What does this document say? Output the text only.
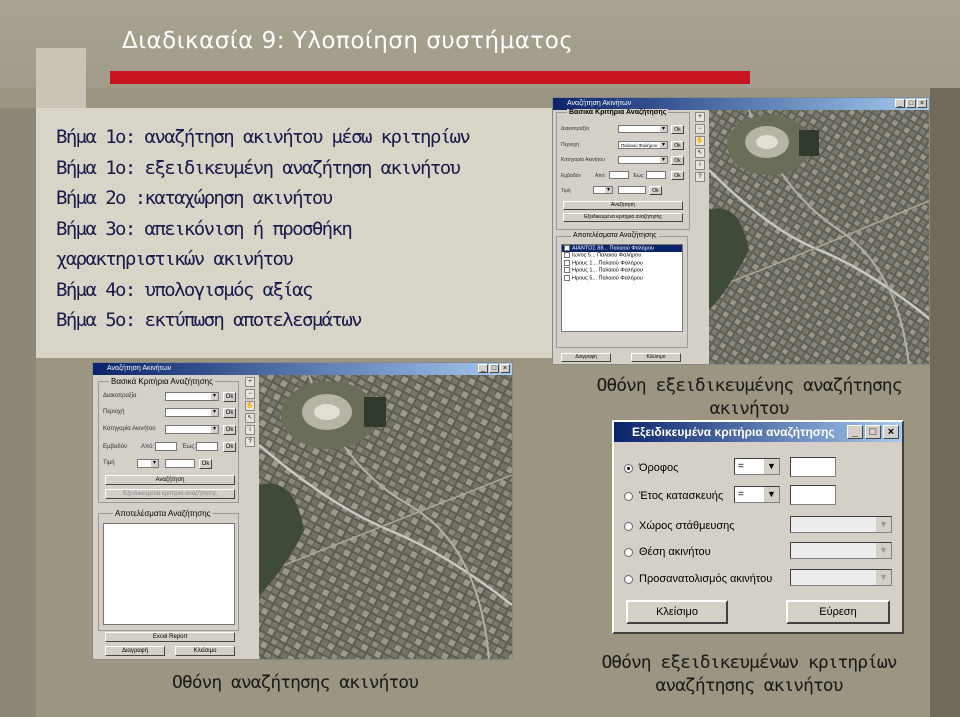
Διαδικασία 9: Υλοποίηση συστήματος
Βήμα 1ο: αναζήτηση ακινήτου μέσω κριτηρίων
Βήμα 1ο: εξειδικευμένη αναζήτηση ακινήτου
Βήμα 2ο :καταχώρηση ακινήτου
Βήμα 3ο: απεικόνιση ή προσθήκη
χαρακτηριστικών ακινήτου
Βήμα 4ο: υπολογισμός αξίας
Βήμα 5ο: εκτύπωση αποτελεσμάτων
Αναζήτηση Ακινήτων	_ □ ×
Βασικά Κριτήρια Αναζήτησης
Διακοπραξία ▾	Ok
Περιοχή	Παλαιού Φαλήρου ▾	Ok
Κατηγορία Ακινήτου ▾	Ok
Εμβαδόν	Από:	Έως:	Ok
Τιμή ▾	Ok
Αναζήτηση
Εξειδικευμένα κριτήρια αναζήτησης
Αποτελέσματα Αναζήτησης
ΑΙΑΝΤΟΣ 88... Παλαιού Φαλήρου
Ιωνος 5... Παλαιού Φαλήρου
Ηρους 1... Παλαιού Φαλήρου
Ηρους 1... Παλαιού Φαλήρου
Ηρους 5... Παλαιού Φαλήρου
Διαγραφή	Κλείσιμο
+
−
✋
↖
i
?
Οθόνη εξειδικευμένης αναζήτησης ακινήτου
Αναζήτηση Ακινήτων	_ □ ×
Βασικά Κριτήρια Αναζήτησης
Διακοπραξία ▾	Ok
Περιοχή ▾	Ok
Κατηγορία Ακινήτου ▾	Ok
Εμβαδόν Από:	Έως:	Ok
Τιμή ▾	Ok
Αναζήτηση
Εξειδικευμένα κριτήρια αναζήτησης
Αποτελέσματα Αναζήτησης
Excel Report
Διαγραφή	Κλείσιμο
+
−
✋
↖
i
?
Οθόνη αναζήτησης ακινήτου
Εξειδικευμένα κριτήρια αναζήτησης	_	□	×
Όροφος	=	▼
Έτος κατασκευής	=	▼
Χώρος στάθμευσης	▼
Θέση ακινήτου	▼
Προσανατολισμός ακινήτου	▼
Κλείσιμο	Εύρεση
Οθόνη εξειδικευμένων κριτηρίων αναζήτησης ακινήτου
